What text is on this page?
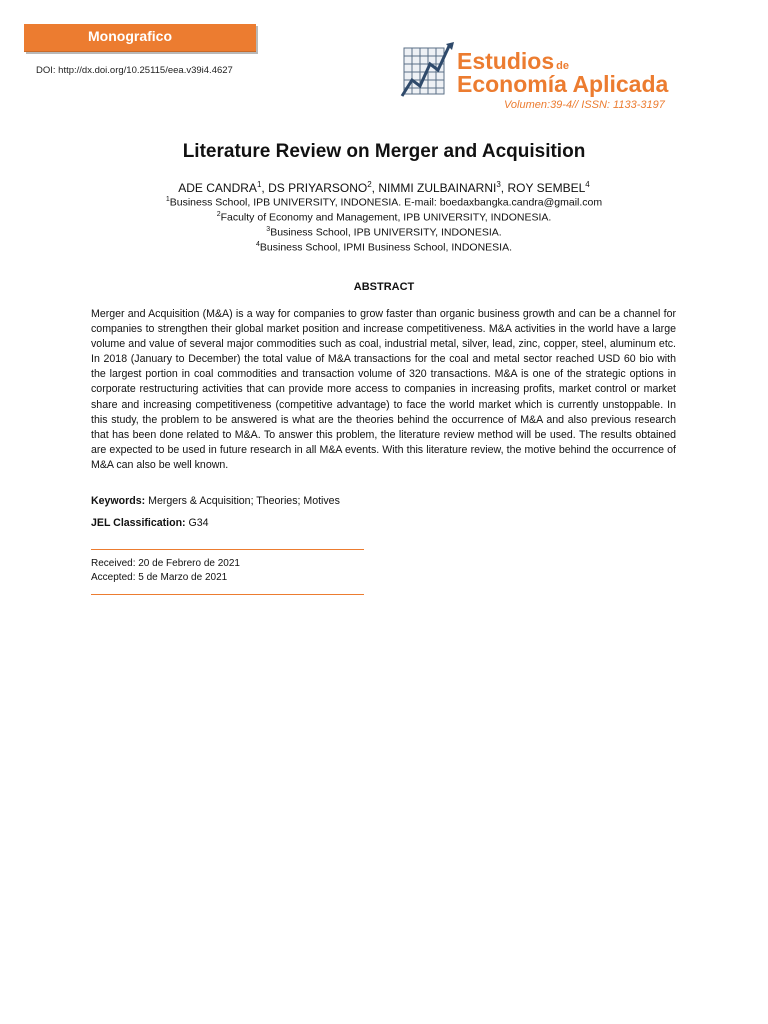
Monografico
DOI: http://dx.doi.org/10.25115/eea.v39i4.4627	Estudios de
Economía Aplicada
Volumen:39-4// ISSN: 1133-3197
Literature Review on Merger and Acquisition
ADE CANDRA$^1$, DS PRIYARSONO$^2$, NIMMI ZULBAINARNI$^3$, ROY SEMBEL$^4$
$^1$Business School, IPB UNIVERSITY, INDONESIA. E-mail: boedaxbangka.candra@gmail.com
$^2$Faculty of Economy and Management, IPB UNIVERSITY, INDONESIA.
$^3$Business School, IPB UNIVERSITY, INDONESIA.
$^4$Business School, IPMI Business School, INDONESIA.
ABSTRACT

Merger and Acquisition (M&A) is a way for companies to grow faster than organic business growth and can be a channel for companies to strengthen their global market position and increase competitiveness. M&A activities in the world have a large volume and value of several major commodities such as coal, industrial metal, silver, lead, zinc, copper, steel, aluminum etc. In 2018 (January to December) the total value of M&A transactions for the coal and metal sector reached USD 60 bio with the largest portion in coal commodities and transaction volume of 320 transactions. M&A is one of the strategic options in corporate restructuring activities that can provide more access to companies in increasing profits, market control or market share and increasing competitiveness (competitive advantage) to face the world market which is currently unstoppable. In this study, the problem to be answered is what are the theories behind the occurrence of M&A and also previous research that has been done related to M&A. To answer this problem, the literature review method will be used. The results obtained are expected to be used in future research in all M&A events. With this literature review, the motive behind the occurrence of M&A can also be well known.

Keywords: Mergers & Acquisition; Theories; Motives
JEL Classification: G34
Received: 20 de Febrero de 2021
Accepted: 5 de Marzo de 2021
